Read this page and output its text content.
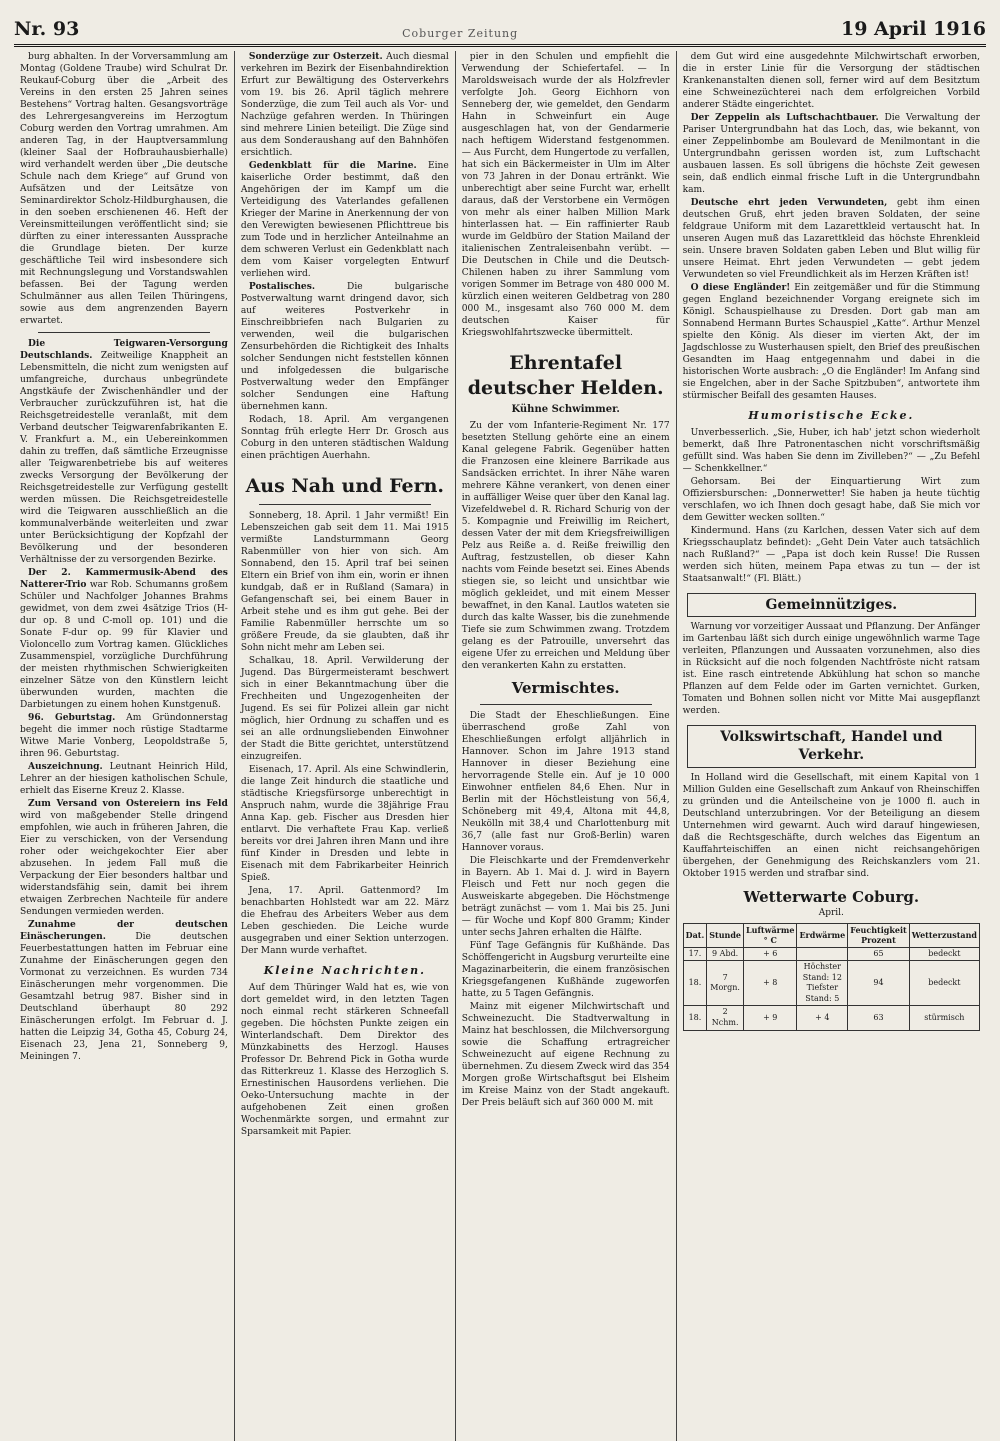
Nr. 93	Coburger Zeitung	19 April 1916

burg abhalten. In der Vorversammlung am Montag (Goldene Traube) wird Schulrat Dr. Reukauf-Coburg über die „Arbeit des Vereins in den ersten 25 Jahren seines Bestehens“ Vortrag halten. Gesangsvorträge des Lehrergesangvereins im Herzogtum Coburg werden den Vortrag umrahmen. Am anderen Tag, in der Hauptversammlung (kleiner Saal der Hofbrauhausbierhalle) wird verhandelt werden über „Die deutsche Schule nach dem Kriege“ auf Grund von Aufsätzen und der Leitsätze von Seminardirektor Scholz-Hildburghausen, die in den soeben erschienenen 46. Heft der Vereinsmitteilungen veröffentlicht sind; sie dürften zu einer interessanten Aussprache die Grundlage bieten. Der kurze geschäftliche Teil wird insbesondere sich mit Rechnungslegung und Vorstandswahlen befassen. Bei der Tagung werden Schulmänner aus allen Teilen Thüringens, sowie aus dem angrenzenden Bayern erwartet.

Die Teigwaren-Versorgung Deutschlands. Zeitweilige Knappheit an Lebensmitteln, die nicht zum wenigsten auf umfangreiche, durchaus unbegründete Angstkäufe der Zwischenhändler und der Verbraucher zurückzuführen ist, hat die Reichsgetreidestelle veranlaßt, mit dem Verband deutscher Teigwarenfabrikanten E. V. Frankfurt a. M., ein Uebereinkommen dahin zu treffen, daß sämtliche Erzeugnisse aller Teigwarenbetriebe bis auf weiteres zwecks Versorgung der Bevölkerung der Reichsgetreidestelle zur Verfügung gestellt werden müssen. Die Reichsgetreidestelle wird die Teigwaren ausschließlich an die kommunalverbände weiterleiten und zwar unter Berücksichtigung der Kopfzahl der Bevölkerung und der besonderen Verhältnisse der zu versorgenden Bezirke.

Der 2. Kammermusik-Abend des Natterer-Trio war Rob. Schumanns großem Schüler und Nachfolger Johannes Brahms gewidmet, von dem zwei 4sätzige Trios (H-dur op. 8 und C-moll op. 101) und die Sonate F-dur op. 99 für Klavier und Violoncello zum Vortrag kamen. Glückliches Zusammenspiel, vorzügliche Durchführung der meisten rhythmischen Schwierigkeiten einzelner Sätze von den Künstlern leicht überwunden wurden, machten die Darbietungen zu einem hohen Kunstgenuß.

96. Geburtstag. Am Gründonnerstag begeht die immer noch rüstige Stadtarme Witwe Marie Vonberg, Leopoldstraße 5, ihren 96. Geburtstag.

Auszeichnung. Leutnant Heinrich Hild, Lehrer an der hiesigen katholischen Schule, erhielt das Eiserne Kreuz 2. Klasse.

Zum Versand von Ostereiern ins Feld wird von maßgebender Stelle dringend empfohlen, wie auch in früheren Jahren, die Eier zu verschicken, von der Versendung roher oder weichgekochter Eier aber abzusehen. In jedem Fall muß die Verpackung der Eier besonders haltbar und widerstandsfähig sein, damit bei ihrem etwaigen Zerbrechen Nachteile für andere Sendungen vermieden werden.

Zunahme der deutschen Einäscherungen.	Die deutschen Feuerbestattungen hatten im Februar eine Zunahme der Einäscherungen gegen den Vormonat zu verzeichnen. Es wurden 734 Einäscherungen mehr vorgenommen. Die Gesamtzahl betrug 987. Bisher sind in Deutschland überhaupt 80 292 Einäscherungen erfolgt. Im Februar d. J. hatten die Leipzig 34, Gotha 45, Coburg 24, Eisenach 23, Jena 21, Sonneberg 9, Meiningen 7.

Sonderzüge zur Osterzeit. Auch diesmal verkehren im Bezirk der Eisenbahndirektion Erfurt zur Bewältigung des Osterverkehrs vom 19. bis 26. April täglich mehrere Sonderzüge, die zum Teil auch als Vor- und Nachzüge gefahren werden. In Thüringen sind mehrere Linien beteiligt. Die Züge sind aus dem Sonderaushang auf den Bahnhöfen ersichtlich.

Gedenkblatt für die Marine. Eine kaiserliche Order bestimmt, daß den Angehörigen der im Kampf um die Verteidigung des Vaterlandes gefallenen Krieger der Marine in Anerkennung der von den Verewigten bewiesenen Pflichttreue bis zum Tode und in herzlicher Anteilnahme an dem schweren Verlust ein Gedenkblatt nach dem vom Kaiser vorgelegten Entwurf verliehen wird.

Postalisches.	Die bulgarische Postverwaltung warnt dringend davor, sich auf weiteres Postverkehr in Einschreibbriefen nach Bulgarien zu verwenden, weil die bulgarischen Zensurbehörden die Richtigkeit des Inhalts solcher Sendungen nicht feststellen können und infolgedessen die bulgarische Postverwaltung weder den Empfänger solcher Sendungen eine Haftung übernehmen kann.

Rodach, 18. April. Am vergangenen Sonntag früh erlegte Herr Dr. Grosch aus Coburg in den unteren städtischen Waldung einen prächtigen Auerhahn.

Aus Nah und Fern.

Sonneberg, 18. April. 1 Jahr vermißt! Ein Lebenszeichen gab seit dem 11. Mai 1915 vermißte Landsturmmann Georg Rabenmüller von hier von sich. Am Sonnabend, den 15. April traf bei seinen Eltern ein Brief von ihm ein, worin er ihnen kundgab, daß er in Rußland (Samara) in Gefangenschaft sei, bei einem Bauer in Arbeit stehe und es ihm gut gehe. Bei der Familie Rabenmüller herrschte um so größere Freude, da sie glaubten, daß ihr Sohn nicht mehr am Leben sei.

Schalkau, 18. April. Verwilderung der Jugend. Das Bürgermeisteramt beschwert sich in einer Bekanntmachung über die Frechheiten und Ungezogenheiten der Jugend. Es sei für Polizei allein gar nicht möglich, hier Ordnung zu schaffen und es sei an alle ordnungsliebenden Einwohner der Stadt die Bitte gerichtet, unterstützend einzugreifen.

Eisenach, 17. April. Als eine Schwindlerin, die lange Zeit hindurch die staatliche und städtische Kriegsfürsorge unberechtigt in Anspruch nahm, wurde die 38jährige Frau Anna Kap. geb. Fischer aus Dresden hier entlarvt. Die verhaftete Frau Kap. verließ bereits vor drei Jahren ihren Mann und ihre fünf Kinder in Dresden und lebte in Eisenach mit dem Fabrikarbeiter Heinrich Spieß.

Jena, 17. April. Gattenmord? Im benachbarten Hohlstedt war am 22. März die Ehefrau des Arbeiters Weber aus dem Leben geschieden. Die Leiche wurde ausgegraben und einer Sektion unterzogen. Der Mann wurde verhaftet.

Kleine Nachrichten.

Auf dem Thüringer Wald hat es, wie von dort gemeldet wird, in den letzten Tagen noch einmal recht stärkeren Schneefall gegeben. Die höchsten Punkte zeigen ein Winterlandschaft. Dem Direktor des Münzkabinetts des Herzogl. Hauses Professor Dr. Behrend Pick in Gotha wurde das Ritterkreuz 1. Klasse des Herzoglich S. Ernestinischen Hausordens verliehen. Die Oeko-Untersuchung machte in der aufgehobenen Zeit einen großen Wochenmärkte sorgen, und ermahnt zur Sparsamkeit mit Papier.

pier in den Schulen und empfiehlt die Verwendung der Schiefertafel. — In Maroldsweisach wurde der als Holzfrevler verfolgte Joh. Georg Eichhorn von Senneberg der, wie gemeldet, den Gendarm Hahn in Schweinfurt ein Auge ausgeschlagen hat, von der Gendarmerie nach heftigem Widerstand festgenommen. — Aus Furcht, dem Hungertode zu verfallen, hat sich ein Bäckermeister in Ulm im Alter von 73 Jahren in der Donau ertränkt. Wie unberechtigt aber seine Furcht war, erhellt daraus, daß der Verstorbene ein Vermögen von mehr als einer halben Million Mark hinterlassen hat. — Ein raffinierter Raub wurde im Geldbüro der Station Mailand der italienischen Zentraleisenbahn verübt. — Die Deutschen in Chile und die Deutsch-Chilenen haben zu ihrer Sammlung vom vorigen Sommer im Betrage von 480 000 M. kürzlich einen weiteren Geldbetrag von 280 000 M., insgesamt also 760 000 M. dem deutschen Kaiser für Kriegswohlfahrtszwecke übermittelt.

Ehrentafel deutscher Helden.
Kühne Schwimmer.

Zu der vom Infanterie-Regiment Nr. 177 besetzten Stellung gehörte eine an einem Kanal gelegene Fabrik. Gegenüber hatten die Franzosen eine kleinere Barrikade aus Sandsäcken errichtet. In ihrer Nähe waren mehrere Kähne verankert, von denen einer in auffälliger Weise quer über den Kanal lag. Vizefeldwebel d. R. Richard Schurig von der 5. Kompagnie und Freiwillig im Reichert, dessen Vater der mit dem Kriegsfreiwilligen Pelz aus Reiße a. d. Reiße freiwillig den Auftrag, festzustellen, ob dieser Kahn nachts vom Feinde besetzt sei. Eines Abends stiegen sie, so leicht und unsichtbar wie möglich gekleidet, und mit einem Messer bewaffnet, in den Kanal. Lautlos wateten sie durch das kalte Wasser, bis die zunehmende Tiefe sie zum Schwimmen zwang. Trotzdem gelang es der Patrouille, unversehrt das eigene Ufer zu erreichen und Meldung über den verankerten Kahn zu erstatten.

Vermischtes.

Die Stadt der Eheschließungen. Eine überraschend große Zahl von Eheschließungen erfolgt alljährlich in Hannover. Schon im Jahre 1913 stand Hannover in dieser Beziehung eine hervorragende Stelle ein. Auf je 10 000 Einwohner entfielen 84,6 Ehen. Nur in Berlin mit der Höchstleistung von 56,4, Schöneberg mit 49,4, Altona mit 44,8, Neukölln mit 38,4 und Charlottenburg mit 36,7 (alle fast nur Groß-Berlin) waren Hannover voraus.

Die Fleischkarte und der Fremdenverkehr in Bayern. Ab 1. Mai d. J. wird in Bayern Fleisch und Fett nur noch gegen die Ausweiskarte abgegeben. Die Höchstmenge beträgt zunächst — vom 1. Mai bis 25. Juni — für Woche und Kopf 800 Gramm; Kinder unter sechs Jahren erhalten die Hälfte.

Fünf Tage Gefängnis für Kußhände. Das Schöffengericht in Augsburg verurteilte eine Magazinarbeiterin, die einem französischen Kriegsgefangenen Kußhände zugeworfen hatte, zu 5 Tagen Gefängnis.

Mainz mit eigener Milchwirtschaft und Schweinezucht. Die Stadtverwaltung in Mainz hat beschlossen, die Milchversorgung sowie die Schaffung ertragreicher Schweinezucht auf eigene Rechnung zu übernehmen. Zu diesem Zweck wird das 354 Morgen große Wirtschaftsgut bei Elsheim im Kreise Mainz von der Stadt angekauft. Der Preis beläuft sich auf 360 000 M. mit

dem Gut wird eine ausgedehnte Milchwirtschaft erworben, die in erster Linie für die Versorgung der städtischen Krankenanstalten dienen soll, ferner wird auf dem Besitztum eine Schweinezüchterei nach dem erfolgreichen Vorbild anderer Städte eingerichtet.

Der Zeppelin als Luftschachtbauer. Die Verwaltung der Pariser Untergrundbahn hat das Loch, das, wie bekannt, von einer Zeppelinbombe am Boulevard de Menilmontant in die Untergrundbahn gerissen worden ist, zum Luftschacht ausbauen lassen. Es soll übrigens die höchste Zeit gewesen sein, daß endlich einmal frische Luft in die Untergrundbahn kam.

Deutsche ehrt jeden Verwundeten, gebt ihm einen deutschen Gruß, ehrt jeden braven Soldaten, der seine feldgraue Uniform mit dem Lazarettkleid vertauscht hat. In unseren Augen muß das Lazarettkleid das höchste Ehrenkleid sein. Unsere braven Soldaten gaben Leben und Blut willig für unsere Heimat. Ehrt jeden Verwundeten — gebt jedem Verwundeten so viel Freundlichkeit als im Herzen Kräften ist!

O diese Engländer! Ein zeitgemäßer und für die Stimmung gegen England bezeichnender Vorgang ereignete sich im Königl. Schauspielhause zu Dresden. Dort gab man am Sonnabend Hermann Burtes Schauspiel „Katte“. Arthur Menzel spielte den König. Als dieser im vierten Akt, der im Jagdschlosse zu Wusterhausen spielt, den Brief des preußischen Gesandten im Haag entgegennahm und dabei in die historischen Worte ausbrach: „O die Engländer! Im Anfang sind sie Engelchen, aber in der Sache Spitzbuben“, antwortete ihm stürmischer Beifall des gesamten Hauses.

Humoristische Ecke.

Unverbesserlich. „Sie, Huber, ich hab' jetzt schon wiederholt bemerkt, daß Ihre Patronentaschen nicht vorschriftsmäßig gefüllt sind. Was haben Sie denn im Zivilleben?“ — „Zu Befehl — Schenkkellner.“

Gehorsam. Bei der Einquartierung Wirt zum Offiziersburschen: „Donnerwetter! Sie haben ja heute tüchtig verschlafen, wo ich Ihnen doch gesagt habe, daß Sie mich vor dem Gewitter wecken sollten.“

Kindermund. Hans (zu Karlchen, dessen Vater sich auf dem Kriegsschauplatz befindet): „Geht Dein Vater auch tatsächlich nach Rußland?“ — „Papa ist doch kein Russe! Die Russen werden sich hüten, meinem Papa etwas zu tun — der ist Staatsanwalt!“ (Fl. Blätt.)

Gemeinnütziges.

Warnung vor vorzeitiger Aussaat und Pflanzung. Der Anfänger im Gartenbau läßt sich durch einige ungewöhnlich warme Tage verleiten, Pflanzungen und Aussaaten vorzunehmen, also dies in Rücksicht auf die noch folgenden Nachtfröste nicht ratsam ist. Eine rasch eintretende Abkühlung hat schon so manche Pflanzen auf dem Felde oder im Garten vernichtet. Gurken, Tomaten und Bohnen sollen nicht vor Mitte Mai ausgepflanzt werden.

Volkswirtschaft, Handel und Verkehr.

In Holland wird die Gesellschaft, mit einem Kapital von 1 Million Gulden eine Gesellschaft zum Ankauf von Rheinschiffen zu gründen und die Anteilscheine von je 1000 fl. auch in Deutschland unterzubringen. Vor der Beteiligung an diesem Unternehmen wird gewarnt. Auch wird darauf hingewiesen, daß die Rechtsgeschäfte, durch welches das Eigentum an Kauffahrteischiffen an einen nicht reichsangehörigen übergehen, der Genehmigung des Reichskanzlers vom 21. Oktober 1915 werden und strafbar sind.

Wetterwarte Coburg.
April.
Dat.	Stunde	Luftwärme ° C	Erdwärme	Feuchtigkeit Prozent	Wetterzustand
17.	9 Abd.	+ 6		65	bedeckt
18.	7 Morgn.	+ 8	Höchster Stand: 12 Tiefster Stand: 5	94	bedeckt
18.	2 Nchm.	+ 9	+ 4	63	stürmisch
